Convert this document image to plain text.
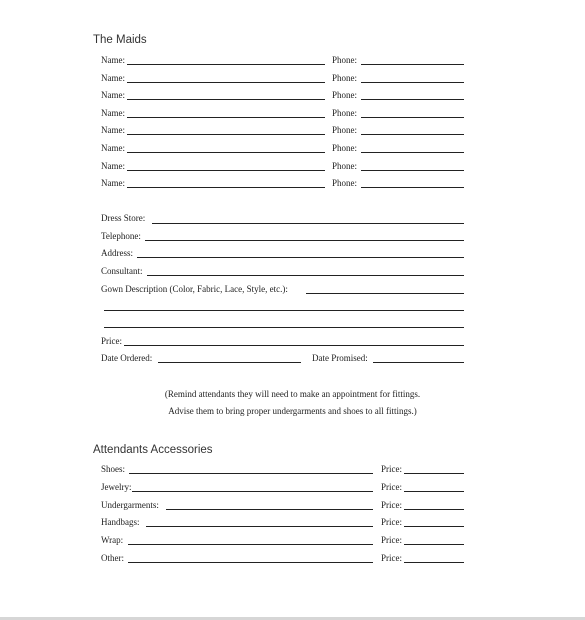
The Maids
Name:	Phone:
Name:	Phone:
Name:	Phone:
Name:	Phone:
Name:	Phone:
Name:	Phone:
Name:	Phone:
Name:	Phone:
Dress Store:
Telephone:
Address:
Consultant:
Gown Description (Color, Fabric, Lace, Style, etc.):
Price:
Date Ordered:	Date Promised:
(Remind attendants they will need to make an appointment for fittings.
Advise them to bring proper undergarments and shoes to all fittings.)
Attendants Accessories
Shoes:	Price:
Jewelry:	Price:
Undergarments:	Price:
Handbags:	Price:
Wrap:	Price:
Other:	Price:
